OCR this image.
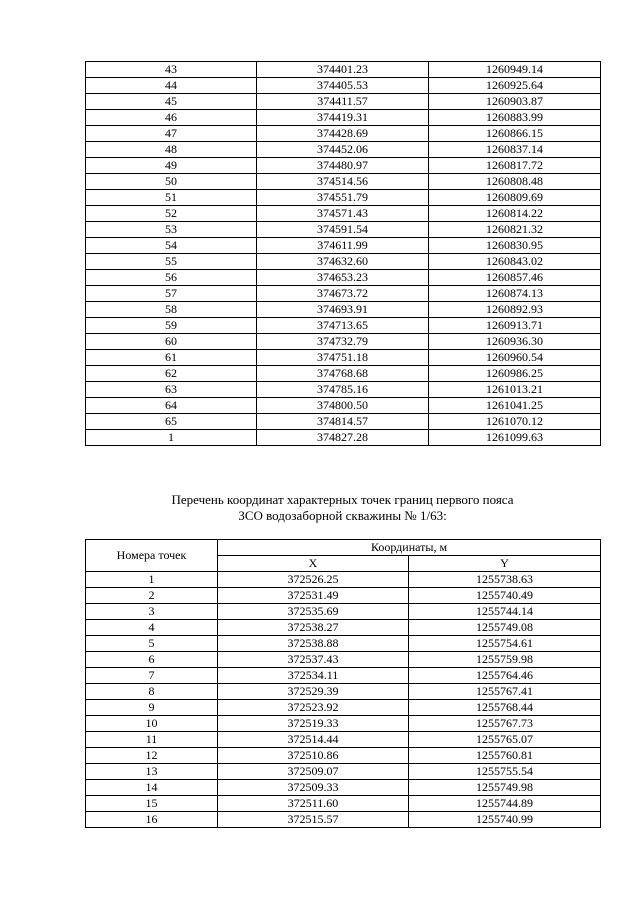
43	374401.23	1260949.14
44	374405.53	1260925.64
45	374411.57	1260903.87
46	374419.31	1260883.99
47	374428.69	1260866.15
48	374452.06	1260837.14
49	374480.97	1260817.72
50	374514.56	1260808.48
51	374551.79	1260809.69
52	374571.43	1260814.22
53	374591.54	1260821.32
54	374611.99	1260830.95
55	374632.60	1260843.02
56	374653.23	1260857.46
57	374673.72	1260874.13
58	374693.91	1260892.93
59	374713.65	1260913.71
60	374732.79	1260936.30
61	374751.18	1260960.54
62	374768.68	1260986.25
63	374785.16	1261013.21
64	374800.50	1261041.25
65	374814.57	1261070.12
1	374827.28	1261099.63
Перечень координат характерных точек границ первого пояса
ЗСО водозаборной скважины № 1/63:
Номера точек	Координаты, м	
	X	Y
1	372526.25	1255738.63
2	372531.49	1255740.49
3	372535.69	1255744.14
4	372538.27	1255749.08
5	372538.88	1255754.61
6	372537.43	1255759.98
7	372534.11	1255764.46
8	372529.39	1255767.41
9	372523.92	1255768.44
10	372519.33	1255767.73
11	372514.44	1255765.07
12	372510.86	1255760.81
13	372509.07	1255755.54
14	372509.33	1255749.98
15	372511.60	1255744.89
16	372515.57	1255740.99
